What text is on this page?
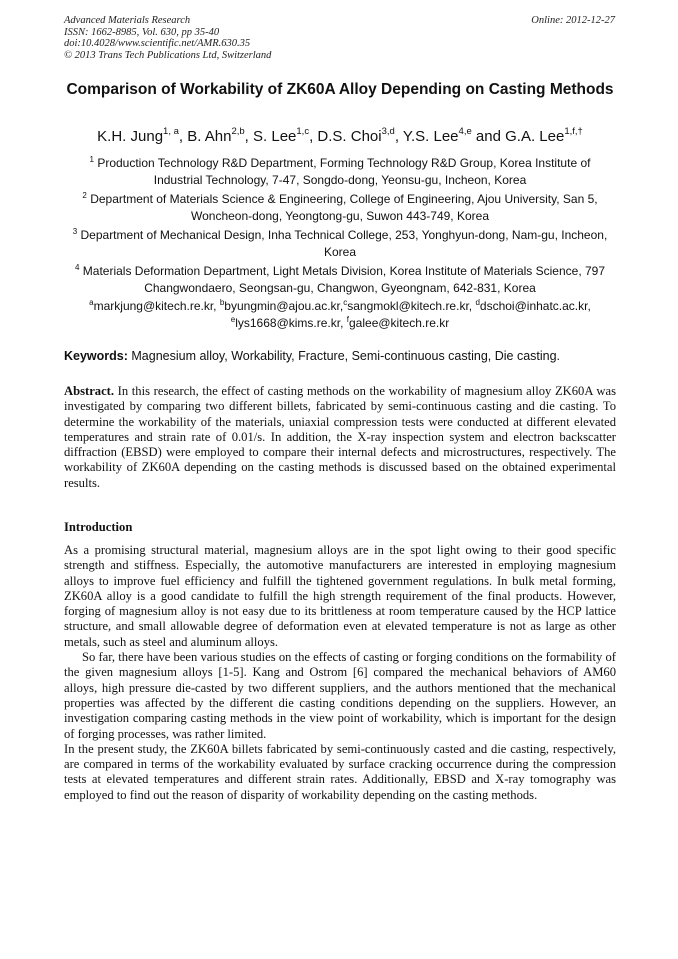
Advanced Materials Research
ISSN: 1662-8985, Vol. 630, pp 35-40
doi:10.4028/www.scientific.net/AMR.630.35
© 2013 Trans Tech Publications Ltd, Switzerland
Online: 2012-12-27
Comparison of Workability of ZK60A Alloy Depending on Casting Methods
K.H. Jung$^{1, a}$, B. Ahn$^{2,b}$, S. Lee$^{1,c}$, D.S. Choi$^{3,d}$, Y.S. Lee$^{4,e}$ and G.A. Lee$^{1,f,\dagger}$
$^1$ Production Technology R&D Department, Forming Technology R&D Group, Korea Institute of Industrial Technology, 7-47, Songdo-dong, Yeonsu-gu, Incheon, Korea
$^2$ Department of Materials Science & Engineering, College of Engineering, Ajou University, San 5, Woncheon-dong, Yeongtong-gu, Suwon 443-749, Korea
$^3$ Department of Mechanical Design, Inha Technical College, 253, Yonghyun-dong, Nam-gu, Incheon, Korea
$^4$ Materials Deformation Department, Light Metals Division, Korea Institute of Materials Science, 797 Changwondaero, Seongsan-gu, Changwon, Gyeongnam, 642-831, Korea
$^a$markjung@kitech.re.kr, $^b$byungmin@ajou.ac.kr,$^c$sangmokl@kitech.re.kr, $^d$dschoi@inhatc.ac.kr,
$^e$lys1668@kims.re.kr, $^f$galee@kitech.re.kr
Keywords: Magnesium alloy, Workability, Fracture, Semi-continuous casting, Die casting.
Abstract. In this research, the effect of casting methods on the workability of magnesium alloy ZK60A was investigated by comparing two different billets, fabricated by semi-continuous casting and die casting. To determine the workability of the materials, uniaxial compression tests were conducted at different elevated temperatures and strain rate of 0.01/s. In addition, the X-ray inspection system and electron backscatter diffraction (EBSD) were employed to compare their internal defects and microstructures, respectively. The workability of ZK60A depending on the casting methods is discussed based on the obtained experimental results.
Introduction

As a promising structural material, magnesium alloys are in the spot light owing to their good specific strength and stiffness. Especially, the automotive manufacturers are interested in employing magnesium alloys to improve fuel efficiency and fulfill the tightened government regulations. In bulk metal forming, ZK60A alloy is a good candidate to fulfill the high strength requirement of the final products. However, forging of magnesium alloy is not easy due to its brittleness at room temperature caused by the HCP lattice structure, and small allowable degree of deformation even at elevated temperature is not as large as other metals, such as steel and aluminum alloys.

So far, there have been various studies on the effects of casting or forging conditions on the formability of the given magnesium alloys [1-5]. Kang and Ostrom [6] compared the mechanical behaviors of AM60 alloys, high pressure die-casted by two different suppliers, and the authors mentioned that the mechanical properties was affected by the different die casting conditions depending on the suppliers. However, an investigation comparing casting methods in the view point of workability, which is important for the design of forging processes, was rather limited.

In the present study, the ZK60A billets fabricated by semi-continuously casted and die casting, respectively, are compared in terms of the workability evaluated by surface cracking occurrence during the compression tests at elevated temperatures and different strain rates. Additionally, EBSD and X-ray tomography was employed to find out the reason of disparity of workability depending on the casting methods.
